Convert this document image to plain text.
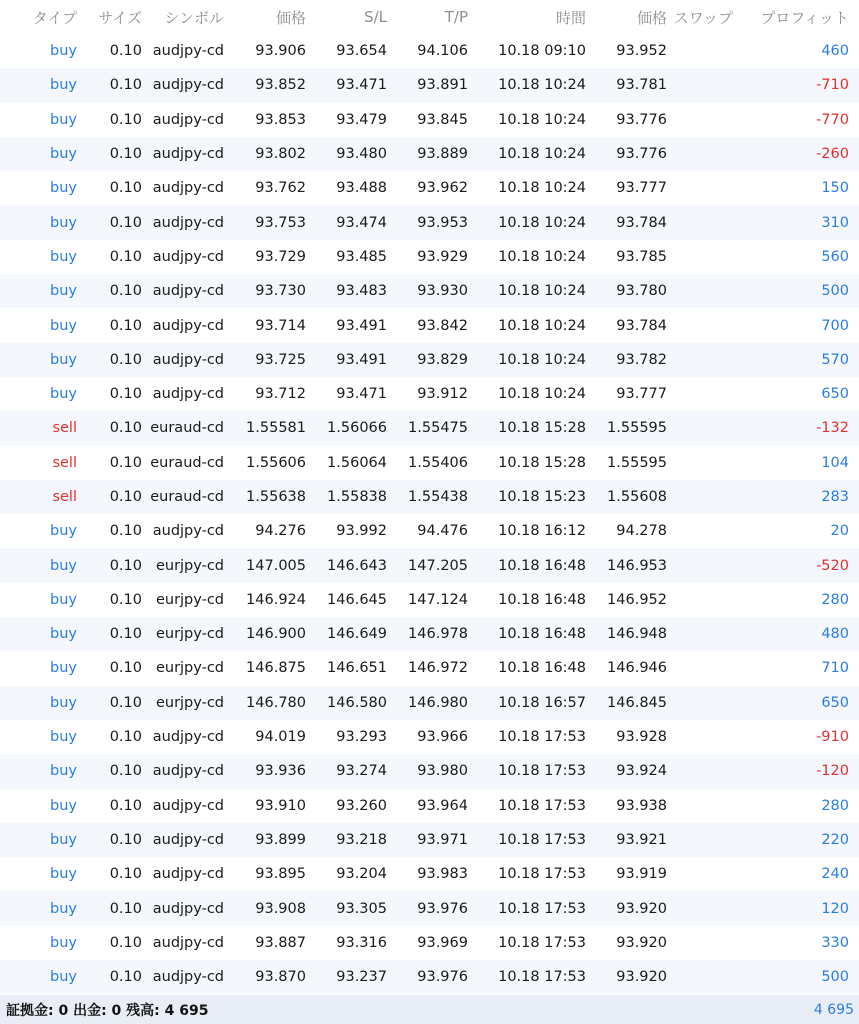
タイプ	サイズ	シンボル	価格	S/L	T/P	時間	価格 スワップ	プロフィット
buy	0.10 audjpy-cd	93.906	93.654	94.106	10.18 09:10	93.952	460
buy	0.10 audjpy-cd	93.852	93.471	93.891	10.18 10:24	93.781	-710
buy	0.10 audjpy-cd	93.853	93.479	93.845	10.18 10:24	93.776	-770
buy	0.10 audjpy-cd	93.802	93.480	93.889	10.18 10:24	93.776	-260
buy	0.10 audjpy-cd	93.762	93.488	93.962	10.18 10:24	93.777	150
buy	0.10 audjpy-cd	93.753	93.474	93.953	10.18 10:24	93.784	310
buy	0.10 audjpy-cd	93.729	93.485	93.929	10.18 10:24	93.785	560
buy	0.10 audjpy-cd	93.730	93.483	93.930	10.18 10:24	93.780	500
buy	0.10 audjpy-cd	93.714	93.491	93.842	10.18 10:24	93.784	700
buy	0.10 audjpy-cd	93.725	93.491	93.829	10.18 10:24	93.782	570
buy	0.10 audjpy-cd	93.712	93.471	93.912	10.18 10:24	93.777	650
sell	0.10 euraud-cd	1.55581	1.56066	1.55475	10.18 15:28	1.55595	-132
sell	0.10 euraud-cd	1.55606	1.56064	1.55406	10.18 15:28	1.55595	104
sell	0.10 euraud-cd	1.55638	1.55838	1.55438	10.18 15:23	1.55608	283
buy	0.10 audjpy-cd	94.276	93.992	94.476	10.18 16:12	94.278	20
buy	0.10 eurjpy-cd	147.005	146.643	147.205	10.18 16:48	146.953	-520
buy	0.10 eurjpy-cd	146.924	146.645	147.124	10.18 16:48	146.952	280
buy	0.10 eurjpy-cd	146.900	146.649	146.978	10.18 16:48	146.948	480
buy	0.10 eurjpy-cd	146.875	146.651	146.972	10.18 16:48	146.946	710
buy	0.10 eurjpy-cd	146.780	146.580	146.980	10.18 16:57	146.845	650
buy	0.10 audjpy-cd	94.019	93.293	93.966	10.18 17:53	93.928	-910
buy	0.10 audjpy-cd	93.936	93.274	93.980	10.18 17:53	93.924	-120
buy	0.10 audjpy-cd	93.910	93.260	93.964	10.18 17:53	93.938	280
buy	0.10 audjpy-cd	93.899	93.218	93.971	10.18 17:53	93.921	220
buy	0.10 audjpy-cd	93.895	93.204	93.983	10.18 17:53	93.919	240
buy	0.10 audjpy-cd	93.908	93.305	93.976	10.18 17:53	93.920	120
buy	0.10 audjpy-cd	93.887	93.316	93.969	10.18 17:53	93.920	330
buy	0.10 audjpy-cd	93.870	93.237	93.976	10.18 17:53	93.920	500
証拠金: 0 出金: 0 残高: 4 695	4 695
